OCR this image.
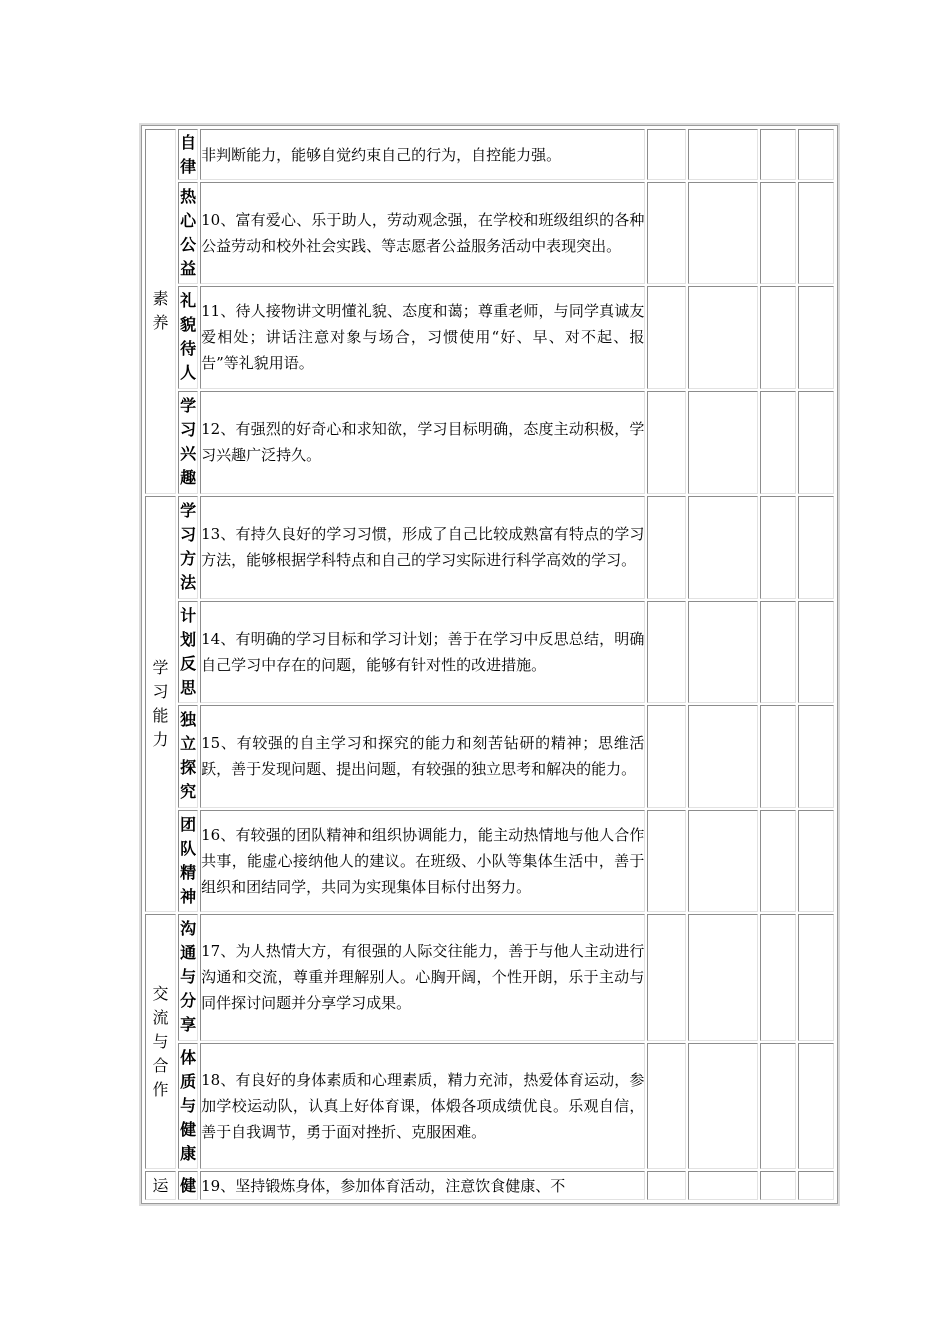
素养	自律	非判断能力，能够自觉约束自己的行为，自控能力强。				

	热心公益	10、富有爱心、乐于助人，劳动观念强，在学校和班级组织的各种公益劳动和校外社会实践、等志愿者公益服务活动中表现突出。				

	礼貌待人	11、待人接物讲文明懂礼貌、态度和蔼；尊重老师，与同学真诚友爱相处；讲话注意对象与场合，习惯使用“好、早、对不起、报告”等礼貌用语。				

	学习兴趣	12、有强烈的好奇心和求知欲，学习目标明确，态度主动积极，学习兴趣广泛持久。				

学习能力	学习方法	13、有持久良好的学习习惯，形成了自己比较成熟富有特点的学习方法，能够根据学科特点和自己的学习实际进行科学高效的学习。				

	计划反思	14、有明确的学习目标和学习计划；善于在学习中反思总结，明确自己学习中存在的问题，能够有针对性的改进措施。				

	独立探究	15、有较强的自主学习和探究的能力和刻苦钻研的精神；思维活跃，善于发现问题、提出问题，有较强的独立思考和解决的能力。				

	团队精神	16、有较强的团队精神和组织协调能力，能主动热情地与他人合作共事，能虚心接纳他人的建议。在班级、小队等集体生活中，善于组织和团结同学，共同为实现集体目标付出努力。				

交流与合作	沟通与分享	17、为人热情大方，有很强的人际交往能力，善于与他人主动进行沟通和交流，尊重并理解别人。心胸开阔，个性开朗，乐于主动与同伴探讨问题并分享学习成果。				

	体质与健康	18、有良好的身体素质和心理素质，精力充沛，热爱体育运动，参加学校运动队，认真上好体育课，体煅各项成绩优良。乐观自信，善于自我调节，勇于面对挫折、克服困难。				

运	健	19、坚持锻炼身体，参加体育活动，注意饮食健康、不				
